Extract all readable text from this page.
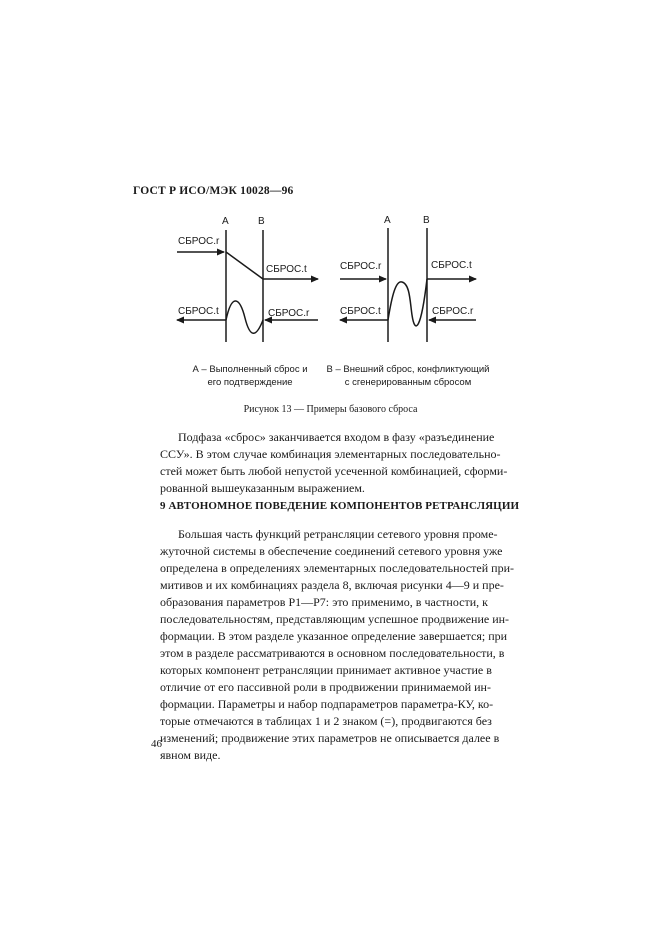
ГОСТ Р ИСО/МЭК 10028—96
A	B
СБРОС.r
СБРОС.t
СБРОС.t	СБРОС.r
A	B
СБРОС.r	СБРОС.t
СБРОС.t	СБРОС.r
А – Выполненный сброс и
его подтверждение
В – Внешний сброс, конфликтующий
с сгенерированным сбросом
Рисунок 13 — Примеры базового сброса
Подфаза «сброс» заканчивается входом в фазу «разъединение
ССУ». В этом случае комбинация элементарных последовательно-
стей может быть любой непустой усеченной комбинацией, сформи-
рованной вышеуказанным выражением.
9 АВТОНОМНОЕ ПОВЕДЕНИЕ КОМПОНЕНТОВ РЕТРАНСЛЯЦИИ
Большая часть функций ретрансляции сетевого уровня проме-
жуточной системы в обеспечение соединений сетевого уровня уже
определена в определениях элементарных последовательностей при-
митивов и их комбинациях раздела 8, включая рисунки 4—9 и пре-
образования параметров Р1—Р7: это применимо, в частности, к
последовательностям, представляющим успешное продвижение ин-
формации. В этом разделе указанное определение завершается; при
этом в разделе рассматриваются в основном последовательности, в
которых компонент ретрансляции принимает активное участие в
отличие от его пассивной роли в продвижении принимаемой ин-
формации. Параметры и набор подпараметров параметра-КУ, ко-
торые отмечаются в таблицах 1 и 2 знаком (=), продвигаются без
изменений; продвижение этих параметров не описывается далее в
явном виде.
46
